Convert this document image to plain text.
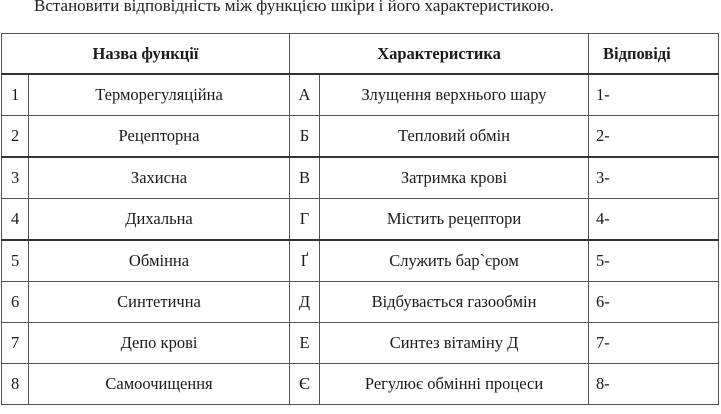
Встановити відповідність між функцією шкіри і його характеристикою.
Назва функції		Характеристика		Відповіді
1	Терморегуляційна	А	Злущення верхнього шару	1-
2	Рецепторна	Б	Тепловий обмін	2-
3	Захисна	В	Затримка крові	3-
4	Дихальна	Г	Містить рецептори	4-
5	Обмінна	Ґ	Служить бар`єром	5-
6	Синтетична	Д	Відбувається газообмін	6-
7	Депо крові	Е	Синтез вітаміну Д	7-
8	Самоочищення	Є	Регулює обмінні процеси	8-
